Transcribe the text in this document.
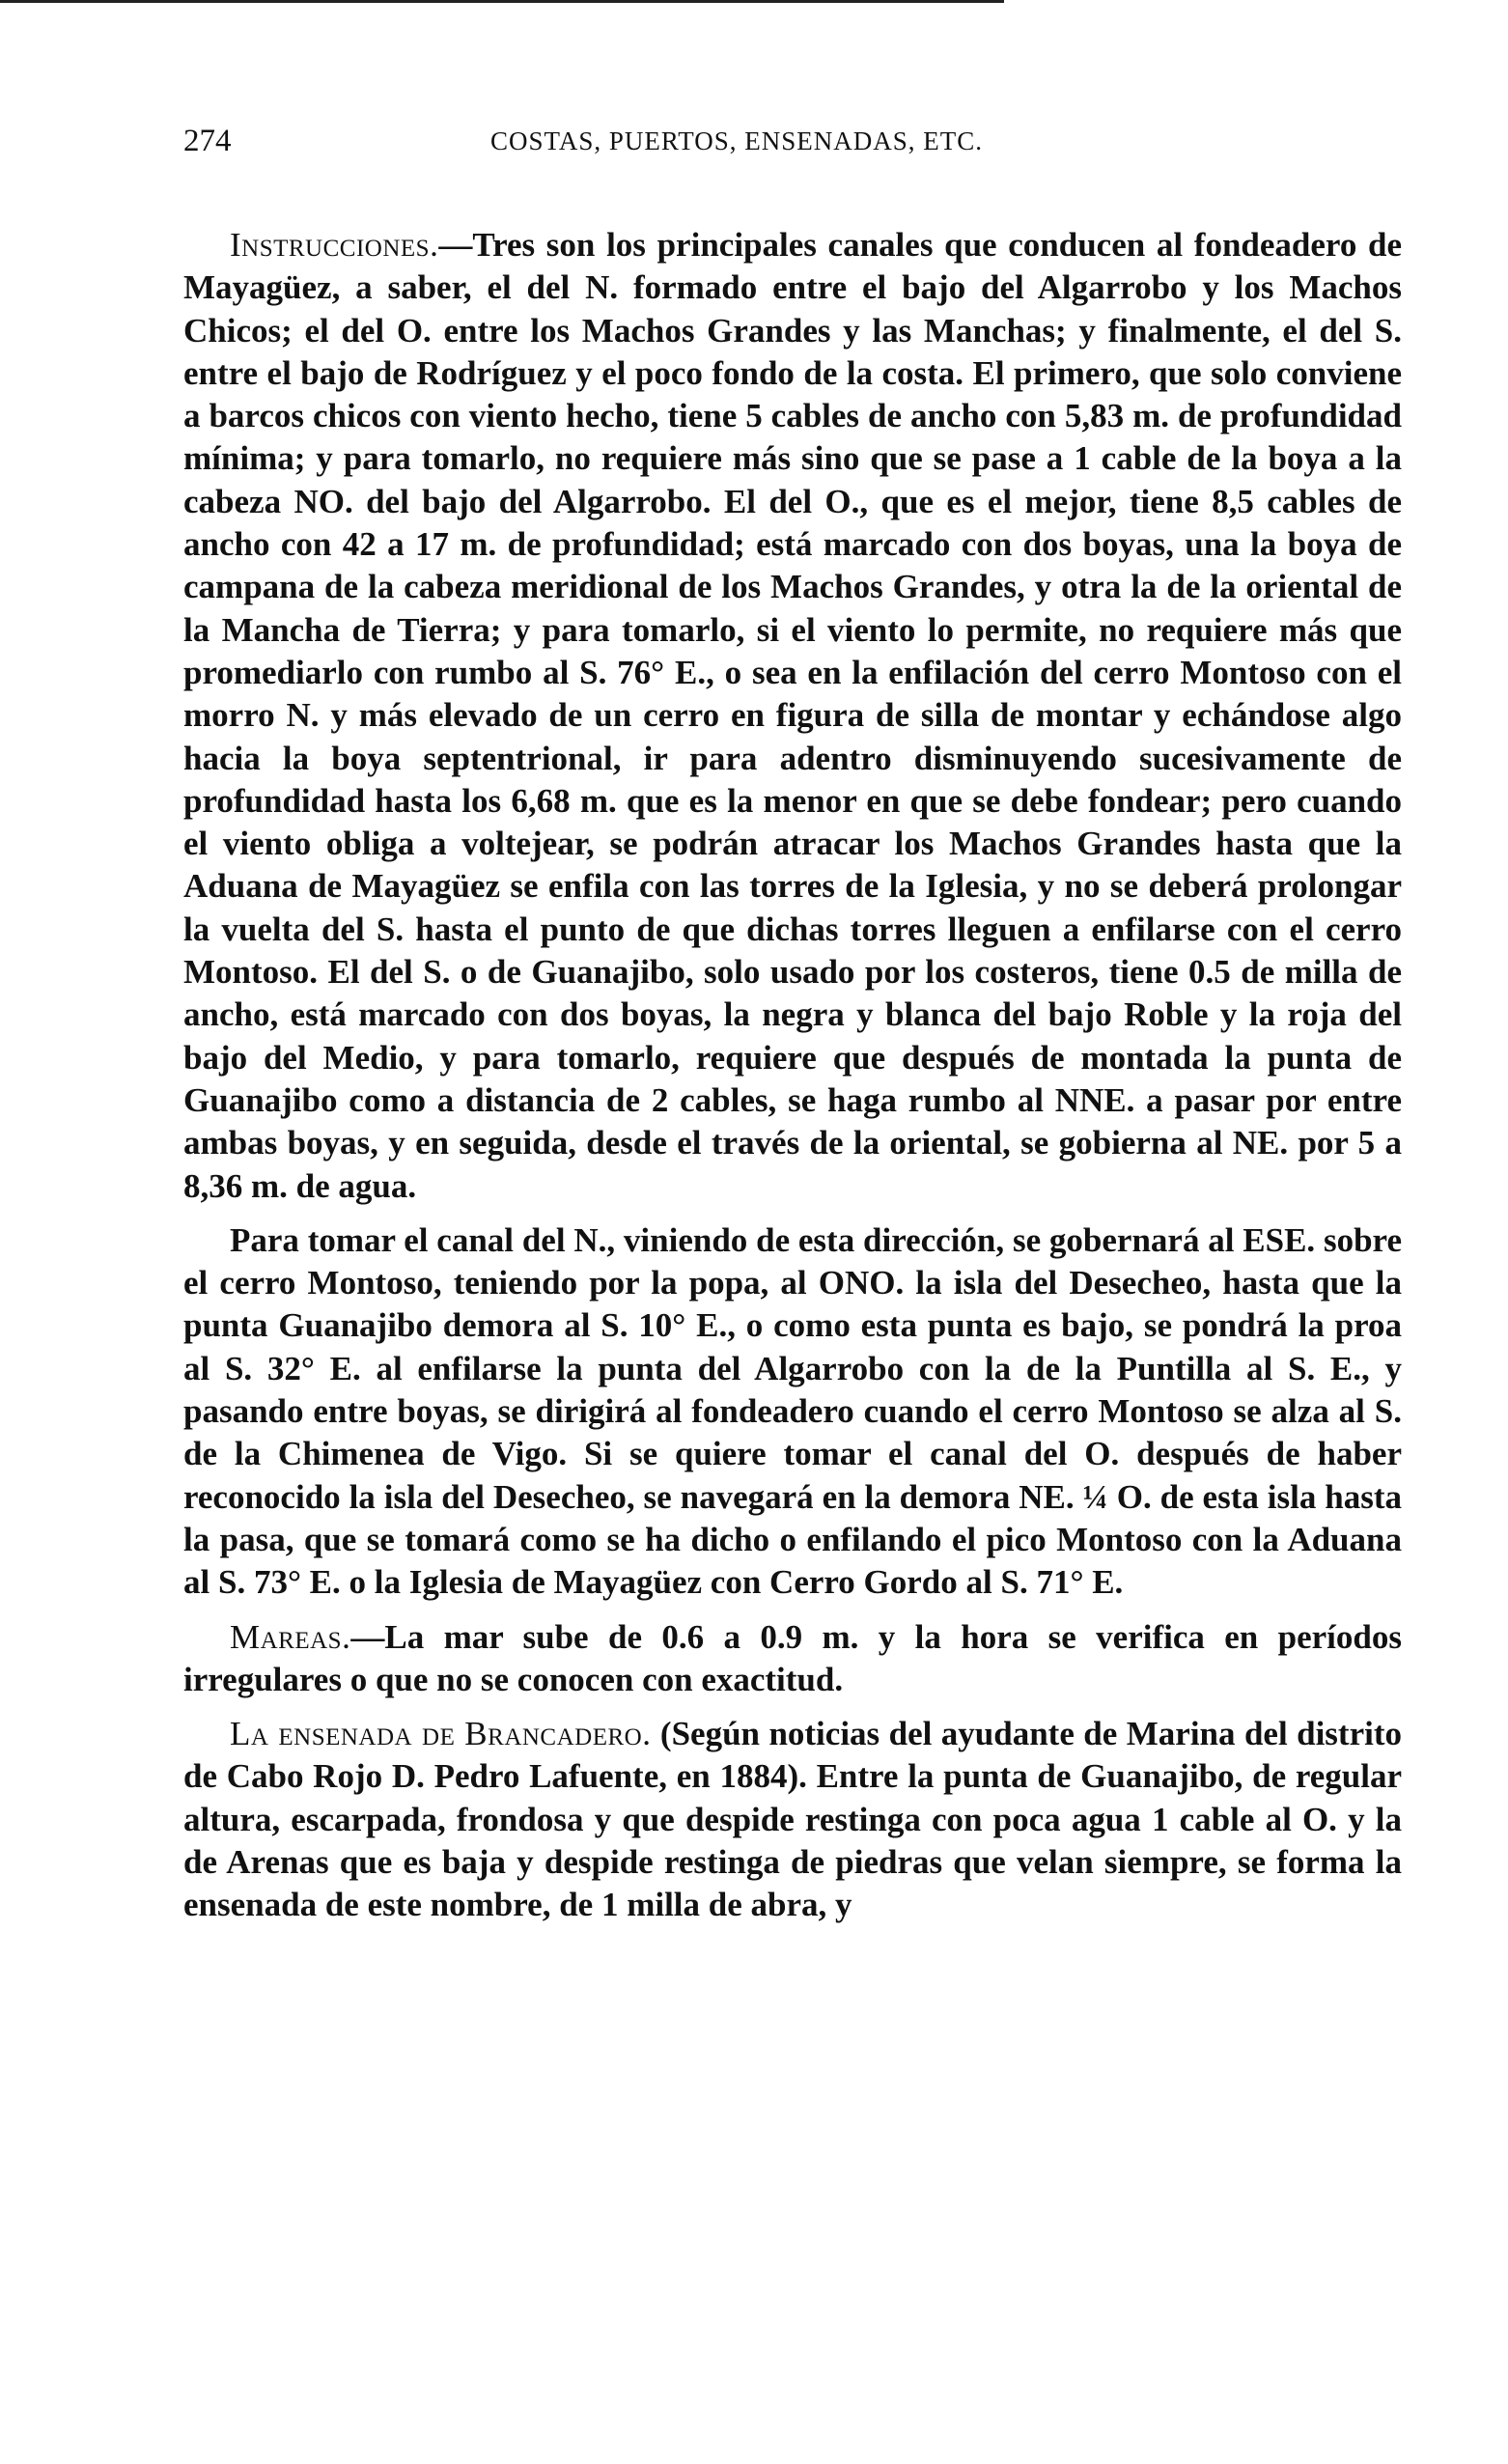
274	COSTAS, PUERTOS, ENSENADAS, ETC.

Instrucciones.—Tres son los principales canales que conducen al fondeadero de Mayagüez, a saber, el del N. formado entre el bajo del Algarrobo y los Machos Chicos; el del O. entre los Machos Grandes y las Manchas; y finalmente, el del S. entre el bajo de Rodríguez y el poco fondo de la costa. El primero, que solo conviene a barcos chicos con viento hecho, tiene 5 cables de ancho con 5,83 m. de profundidad mínima; y para tomarlo, no requiere más sino que se pase a 1 cable de la boya a la cabeza NO. del bajo del Algarrobo. El del O., que es el mejor, tiene 8,5 cables de ancho con 42 a 17 m. de profundidad; está marcado con dos boyas, una la boya de campana de la cabeza meridional de los Machos Grandes, y otra la de la oriental de la Mancha de Tierra; y para tomarlo, si el viento lo permite, no requiere más que promediarlo con rumbo al S. 76° E., o sea en la enfilación del cerro Montoso con el morro N. y más elevado de un cerro en figura de silla de montar y echándose algo hacia la boya septentrional, ir para adentro disminuyendo sucesivamente de profundidad hasta los 6,68 m. que es la menor en que se debe fondear; pero cuando el viento obliga a voltejear, se podrán atracar los Machos Grandes hasta que la Aduana de Mayagüez se enfila con las torres de la Iglesia, y no se deberá prolongar la vuelta del S. hasta el punto de que dichas torres lleguen a enfilarse con el cerro Montoso. El del S. o de Guanajibo, solo usado por los costeros, tiene 0.5 de milla de ancho, está marcado con dos boyas, la negra y blanca del bajo Roble y la roja del bajo del Medio, y para tomarlo, requiere que después de montada la punta de Guanajibo como a distancia de 2 cables, se haga rumbo al NNE. a pasar por entre ambas boyas, y en seguida, desde el través de la oriental, se gobierna al NE. por 5 a 8,36 m. de agua.

Para tomar el canal del N., viniendo de esta dirección, se gobernará al ESE. sobre el cerro Montoso, teniendo por la popa, al ONO. la isla del Desecheo, hasta que la punta Guanajibo demora al S. 10° E., o como esta punta es bajo, se pondrá la proa al S. 32° E. al enfilarse la punta del Algarrobo con la de la Puntilla al S. E., y pasando entre boyas, se dirigirá al fondeadero cuando el cerro Montoso se alza al S. de la Chimenea de Vigo. Si se quiere tomar el canal del O. después de haber reconocido la isla del Desecheo, se navegará en la demora NE. ¼ O. de esta isla hasta la pasa, que se tomará como se ha dicho o enfilando el pico Montoso con la Aduana al S. 73° E. o la Iglesia de Mayagüez con Cerro Gordo al S. 71° E.

Mareas.—La mar sube de 0.6 a 0.9 m. y la hora se verifica en períodos irregulares o que no se conocen con exactitud.

La ensenada de Brancadero. (Según noticias del ayudante de Marina del distrito de Cabo Rojo D. Pedro Lafuente, en 1884). Entre la punta de Guanajibo, de regular altura, escarpada, frondosa y que despide restinga con poca agua 1 cable al O. y la de Arenas que es baja y despide restinga de piedras que velan siempre, se forma la ensenada de este nombre, de 1 milla de abra, y
